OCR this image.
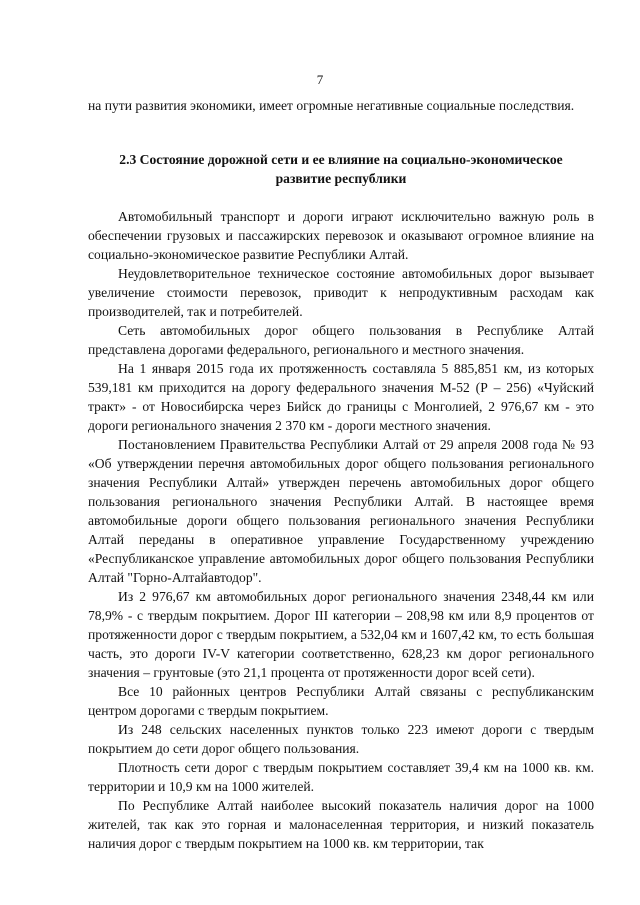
7

на пути развития экономики, имеет огромные негативные социальные последствия.

2.3 Состояние дорожной сети и ее влияние на социально-экономическое
развитие республики

Автомобильный транспорт и дороги играют исключительно важную роль в обеспечении грузовых и пассажирских перевозок и оказывают огромное влияние на социально-экономическое развитие Республики Алтай.

Неудовлетворительное техническое состояние автомобильных дорог вызывает увеличение стоимости перевозок, приводит к непродуктивным расходам как производителей, так и потребителей.

Сеть автомобильных дорог общего пользования в Республике Алтай представлена дорогами федерального, регионального и местного значения.

На 1 января 2015 года их протяженность составляла 5 885,851 км, из которых 539,181 км приходится на дорогу федерального значения М-52 (Р – 256) «Чуйский тракт» - от Новосибирска через Бийск до границы с Монголией, 2 976,67 км - это дороги регионального значения 2 370 км - дороги местного значения.

Постановлением Правительства Республики Алтай от 29 апреля 2008 года № 93 «Об утверждении перечня автомобильных дорог общего пользования регионального значения Республики Алтай» утвержден перечень автомобильных дорог общего пользования регионального значения Республики Алтай. В настоящее время автомобильные дороги общего пользования регионального значения Республики Алтай переданы в оперативное управление Государственному учреждению «Республиканское управление автомобильных дорог общего пользования Республики Алтай "Горно-Алтайавтодор".

Из 2 976,67 км автомобильных дорог регионального значения 2348,44 км или 78,9% - с твердым покрытием. Дорог III категории – 208,98 км или 8,9 процентов от протяженности дорог с твердым покрытием, а 532,04 км и 1607,42 км, то есть большая часть, это дороги IV-V категории соответственно, 628,23 км дорог регионального значения – грунтовые (это 21,1 процента от протяженности дорог всей сети).

Все 10 районных центров Республики Алтай связаны с республиканским центром дорогами с твердым покрытием.

Из 248 сельских населенных пунктов только 223 имеют дороги с твердым покрытием до сети дорог общего пользования.

Плотность сети дорог с твердым покрытием составляет 39,4 км на 1000 кв. км. территории и 10,9 км на 1000 жителей.

По Республике Алтай наиболее высокий показатель наличия дорог на 1000 жителей, так как это горная и малонаселенная территория, и низкий показатель наличия дорог с твердым покрытием на 1000 кв. км территории, так
